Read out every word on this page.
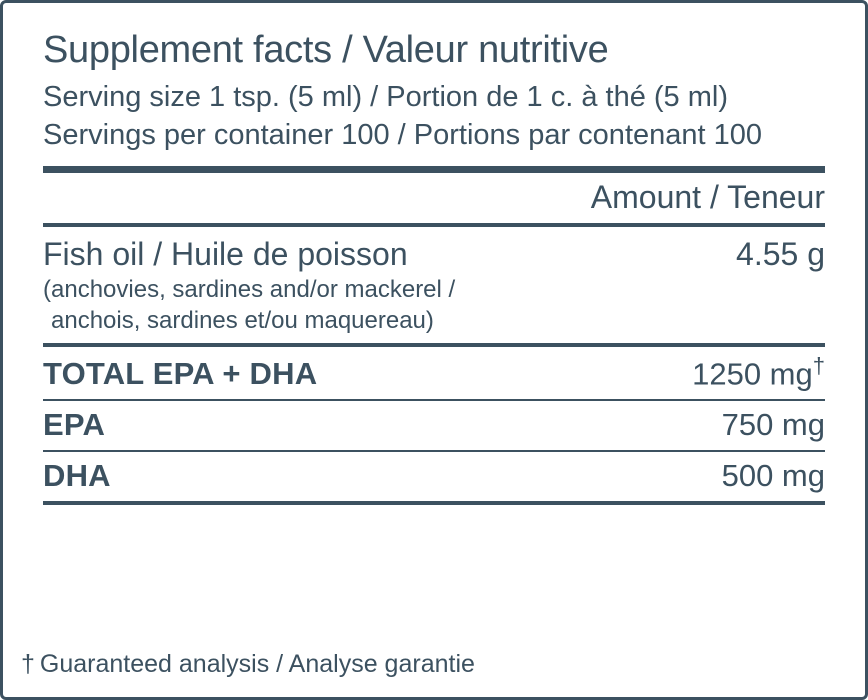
Supplement facts / Valeur nutritive
Serving size 1 tsp. (5 ml) / Portion de 1 c. à thé (5 ml)
Servings per container 100 / Portions par contenant 100
Amount / Teneur
Fish oil / Huile de poisson	4.55 g
(anchovies, sardines and/or mackerel /
anchois, sardines et/ou maquereau)
TOTAL EPA + DHA	1250 mg†
EPA	750 mg
DHA	500 mg
† Guaranteed analysis / Analyse garantie
